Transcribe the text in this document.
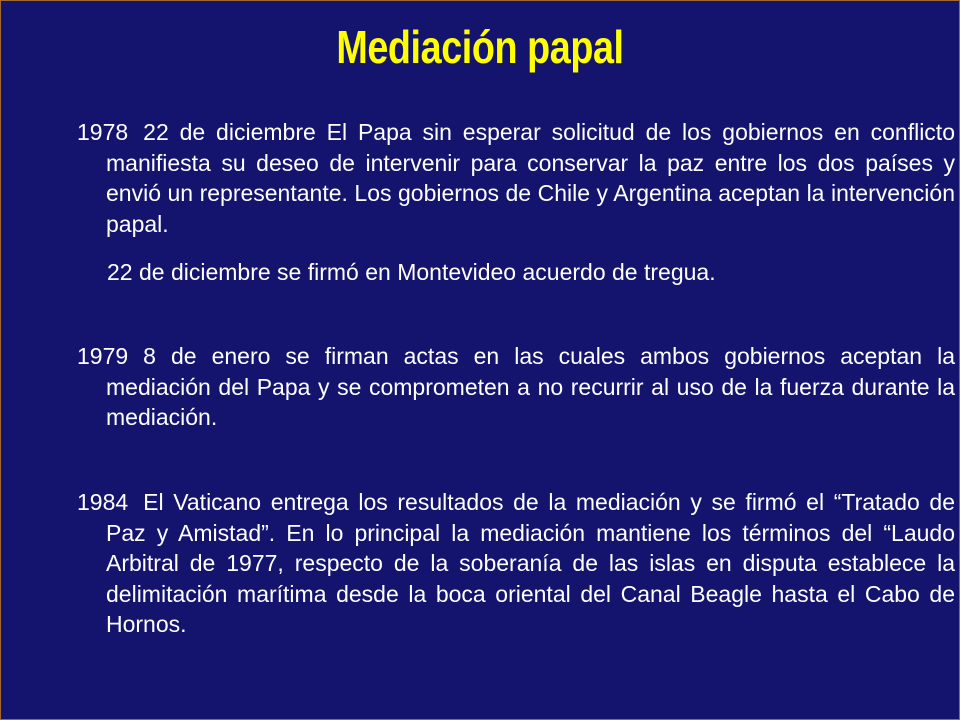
Mediación papal
1978 22 de diciembre El Papa sin esperar solicitud de los gobiernos en conflicto manifiesta su deseo de intervenir para conservar la paz entre los dos países y envió un representante. Los gobiernos de Chile y Argentina aceptan la intervención papal.
22 de diciembre se firmó en Montevideo acuerdo de tregua.
1979 8 de enero se firman actas en las cuales ambos gobiernos aceptan la mediación del Papa y se comprometen a no recurrir al uso de la fuerza durante la mediación.
1984 El Vaticano entrega los resultados de la mediación y se firmó el “Tratado de Paz y Amistad”. En lo principal la mediación mantiene los términos del “Laudo Arbitral de 1977, respecto de la soberanía de las islas en disputa establece la delimitación marítima desde la boca oriental del Canal Beagle hasta el Cabo de Hornos.
